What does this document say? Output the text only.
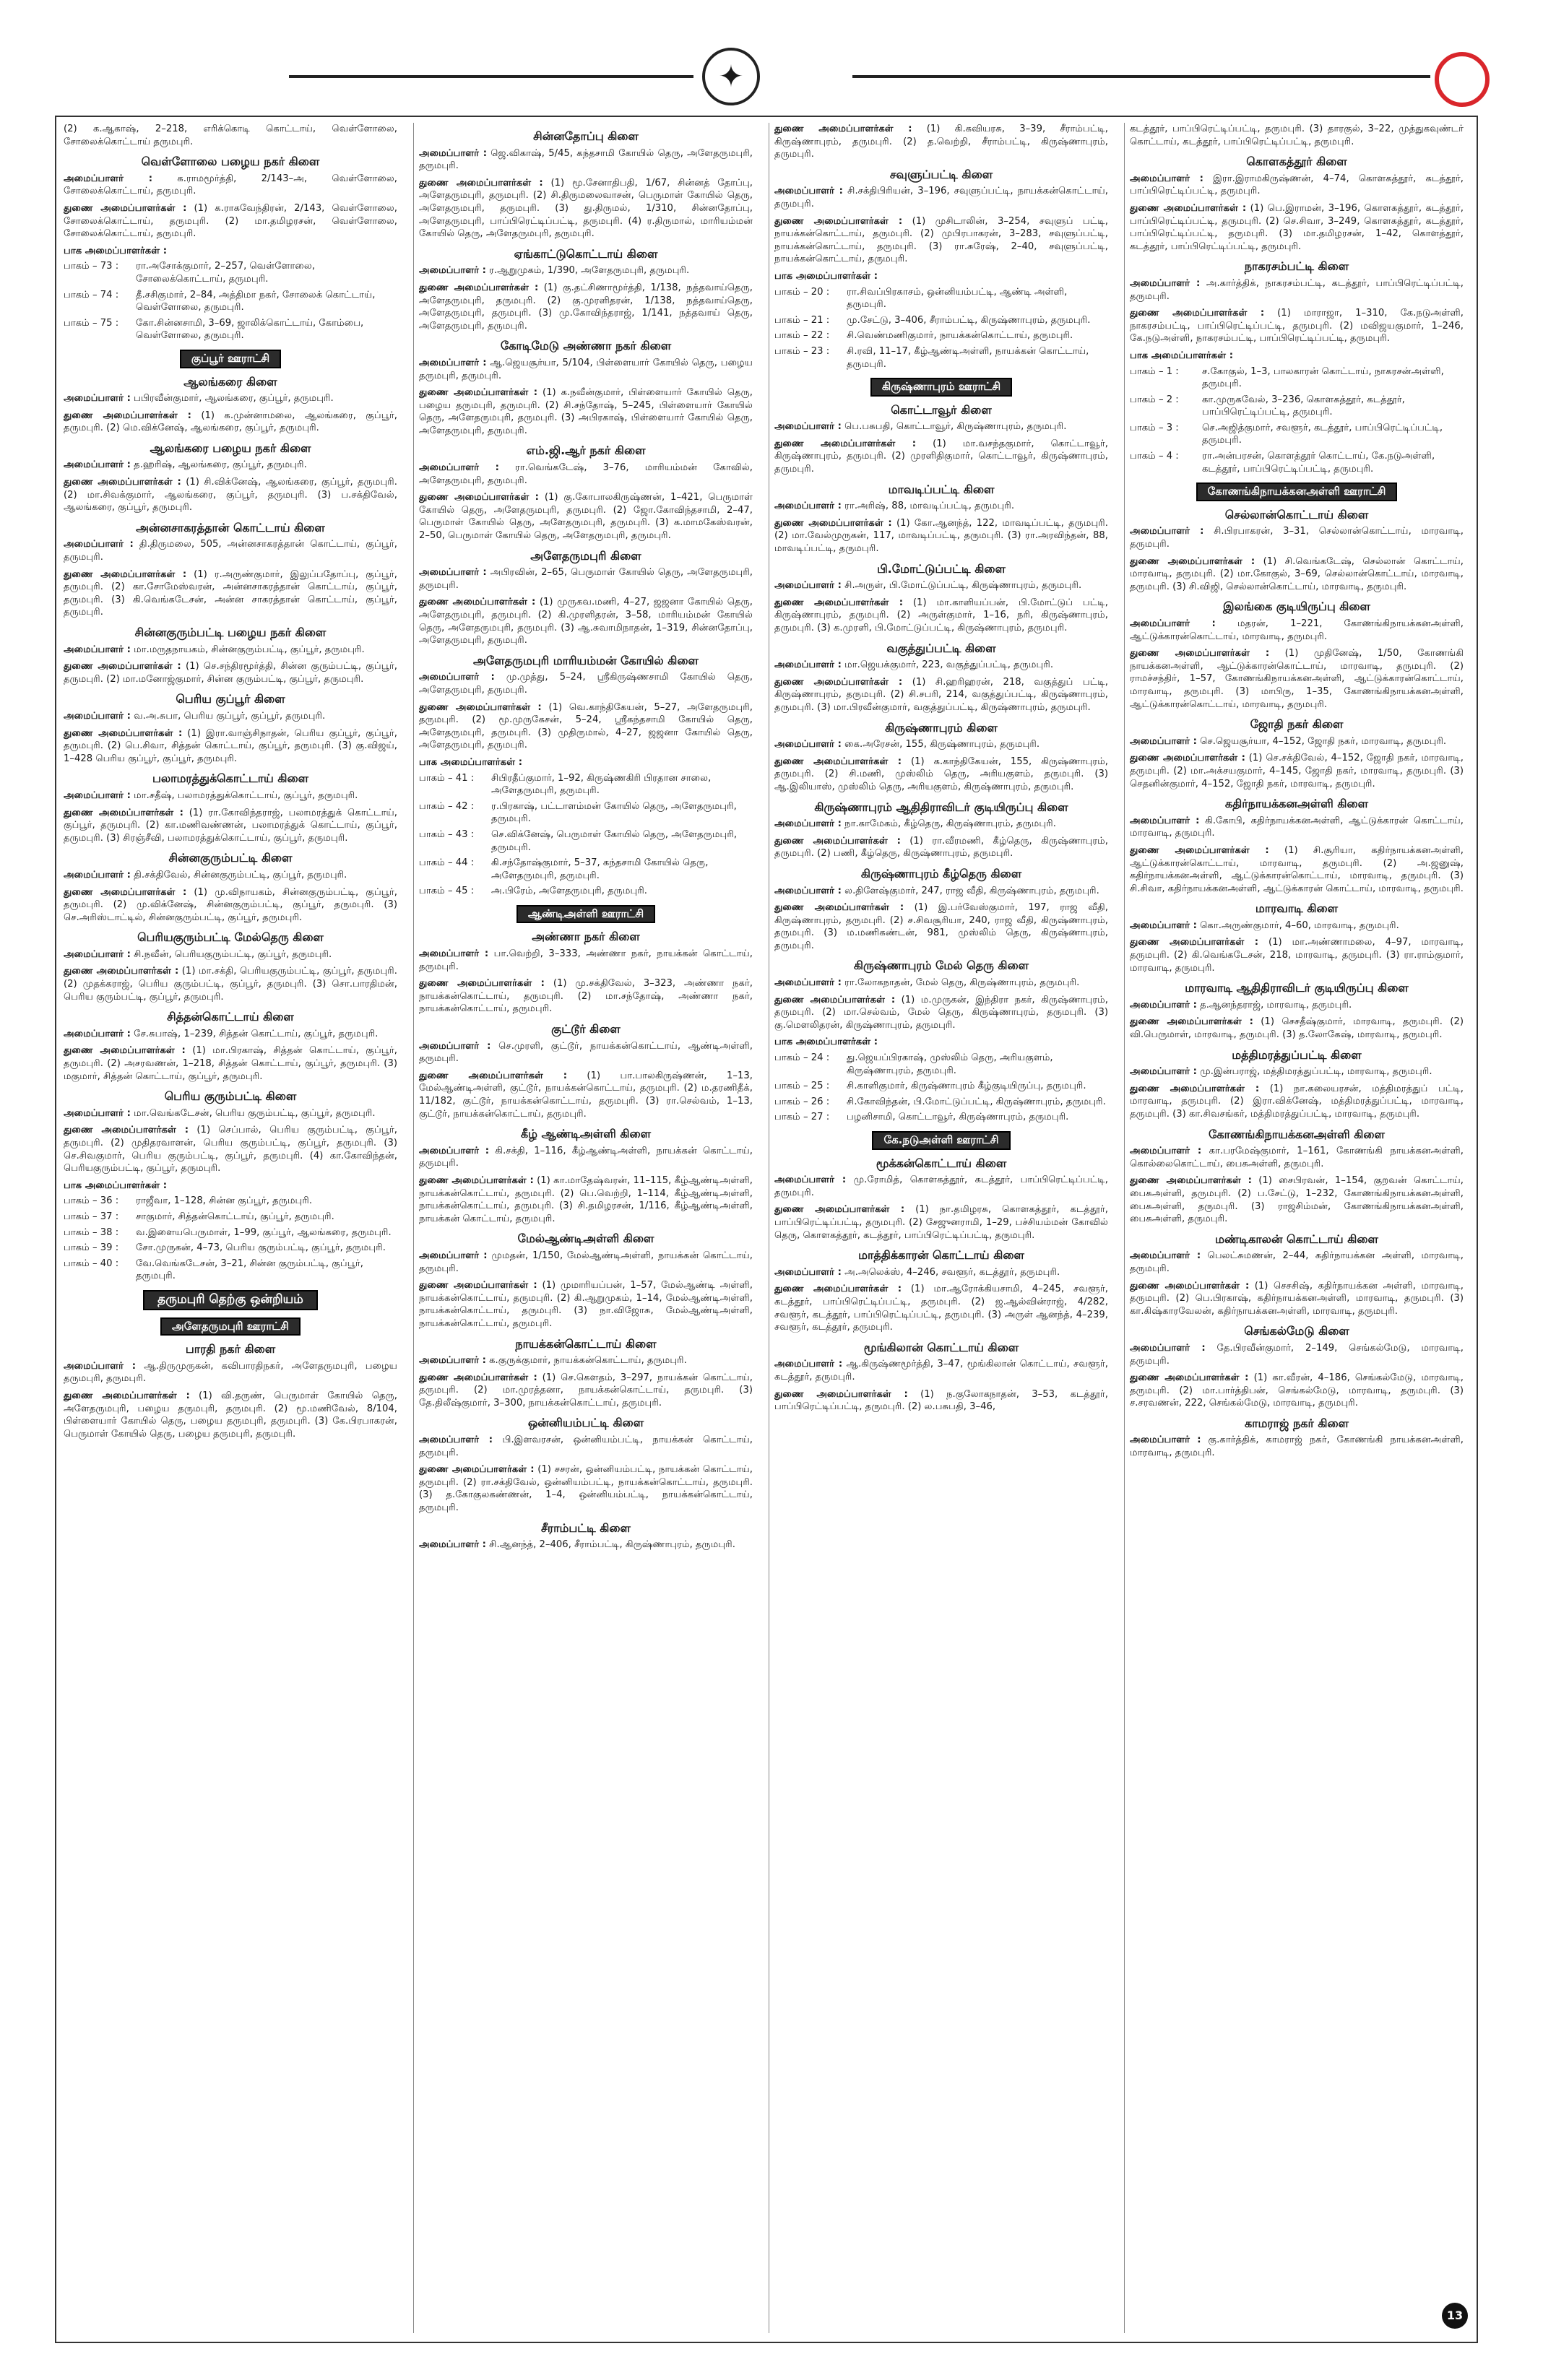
✦

(2) க.ஆகாஷ், 2–218, எரிக்கொடி கொட்டாய், வெள்ளோலை, சோலைக்கொட்டாய் தருமபுரி.

வெள்ளோலை பழைய நகர் கிளை

அமைப்பாளர் :	க.ராமமூர்த்தி, 2/143–அ, வெள்ளோலை, சோலைக்கொட்டாய், தருமபுரி.

துணை அமைப்பாளர்கள் : (1) க.ராகவேந்திரன், 2/143, வெள்ளோலை, சோலைக்கொட்டாய், தருமபுரி. (2) மா.தமிழரசன், வெள்ளோலை, சோலைக்கொட்டாய், தருமபுரி.

பாக அமைப்பாளர்கள் :
பாகம் – 73 :	ரா.அசோக்குமார், 2–257, வெள்ளோலை, சோலைக்கொட்டாய், தருமபுரி.
பாகம் – 74 :	தீ.சசிகுமார், 2–84, அத்திமா நகர், சோலைக் கொட்டாய், வெள்ளோலை, தருமபுரி.
பாகம் – 75 :	கோ.சின்னசாமி, 3–69, ஜாலிக்கொட்டாய், கோம்பை, வெள்ளோலை, தருமபுரி.
குப்பூர் ஊராட்சி
ஆலங்கரை கிளை

அமைப்பாளர் : பபிரவீன்குமார், ஆலங்கரை, குப்பூர், தருமபுரி.

துணை அமைப்பாளர்கள் : (1) க.முன்னாமலை, ஆலங்கரை, குப்பூர், தருமபுரி. (2) மெ.விக்னேஷ், ஆலங்கரை, குப்பூர், தருமபுரி.

ஆலங்கரை பழைய நகர் கிளை

அமைப்பாளர் : த.ஹரிஷ், ஆலங்கரை, குப்பூர், தருமபுரி.

துணை அமைப்பாளர்கள் : (1) சி.விக்னேஷ், ஆலங்கரை, குப்பூர், தருமபுரி. (2) மா.சிவக்குமார், ஆலங்கரை, குப்பூர், தருமபுரி. (3) ப.சக்திவேல், ஆலங்கரை, குப்பூர், தருமபுரி.

அன்னசாகரத்தான் கொட்டாய் கிளை

அமைப்பாளர் : தி.திருமலை, 505, அன்னசாகரத்தான் கொட்டாய், குப்பூர், தருமபுரி.

துணை அமைப்பாளர்கள் : (1) ர.அருண்குமார், இலுப்பதோப்பு, குப்பூர், தருமபுரி. (2) கா.சோமேஸ்வரன், அன்னசாகரத்தான் கொட்டாய், குப்பூர், தருமபுரி. (3) கி.வெங்கடேசன், அன்ன சாகரத்தான் கொட்டாய், குப்பூர், தருமபுரி.

சின்னகுரும்பட்டி பழைய நகர் கிளை

அமைப்பாளர் : மா.மருதநாயகம், சின்னகுரும்பட்டி, குப்பூர், தருமபுரி.

துணை அமைப்பாளர்கள் : (1) செ.சந்திரமூர்த்தி, சின்ன குரும்பட்டி, குப்பூர், தருமபுரி. (2) மா.மனோஜ்குமார், சின்ன குரும்பட்டி, குப்பூர், தருமபுரி.

பெரிய குப்பூர் கிளை

அமைப்பாளர் : வ.அ.சுபா, பெரிய குப்பூர், குப்பூர், தருமபுரி.

துணை அமைப்பாளர்கள் : (1) இரா.வாஞ்சிநாதன், பெரிய குப்பூர், குப்பூர், தருமபுரி. (2) பெ.சிவா, சித்தன் கொட்டாய், குப்பூர், தருமபுரி. (3) கு.விஜய், 1–428 பெரிய குப்பூர், குப்பூர், தருமபுரி.

பலாமரத்துக்கொட்டாய் கிளை

அமைப்பாளர் : மா.சதீஷ், பலாமரத்துக்கொட்டாய், குப்பூர், தருமபுரி.

துணை அமைப்பாளர்கள் : (1) ரா.கோவிந்தராஜ், பலாமரத்துக் கொட்டாய், குப்பூர், தருமபுரி. (2) கா.மணிவண்ணன், பலாமரத்துக் கொட்டாய், குப்பூர், தருமபுரி. (3) சிரஞ்சீவி, பலாமரத்துக்கொட்டாய், குப்பூர், தருமபுரி.

சின்னகுரும்பட்டி கிளை

அமைப்பாளர் : தி.சக்திவேல், சின்னகுரும்பட்டி, குப்பூர், தருமபுரி.

துணை அமைப்பாளர்கள் : (1) மு.விநாயகம், சின்னகுரும்பட்டி, குப்பூர், தருமபுரி. (2) மு.விக்னேஷ், சின்னகுரும்பட்டி, குப்பூர், தருமபுரி. (3) செ.அரிஸ்டாட்டில், சின்னகுரும்பட்டி, குப்பூர், தருமபுரி.

பெரியகுரும்பட்டி மேல்தெரு கிளை

அமைப்பாளர் : சி.நவீன், பெரியகுரும்பட்டி, குப்பூர், தருமபுரி.

துணை அமைப்பாளர்கள் : (1) மா.சக்தி, பெரியகுரும்பட்டி, குப்பூர், தருமபுரி. (2) முதக்கராஜ், பெரிய குரும்பட்டி, குப்பூர், தருமபுரி. (3) சொ.பாரதிமன், பெரிய குரும்பட்டி, குப்பூர், தருமபுரி.

சித்தன்கொட்டாய் கிளை

அமைப்பாளர் : சே.சுபாஷ், 1–239, சித்தன் கொட்டாய், குப்பூர், தருமபுரி.

துணை அமைப்பாளர்கள் : (1) மா.பிரகாஷ், சித்தன் கொட்டாய், குப்பூர், தருமபுரி. (2) அசரவணன், 1–218, சித்தன் கொட்டாய், குப்பூர், தருமபுரி. (3) மகுமார், சித்தன் கொட்டாய், குப்பூர், தருமபுரி.

பெரிய குரும்பட்டி கிளை

அமைப்பாளர் : மா.வெங்கடேசன், பெரிய குரும்பட்டி, குப்பூர், தருமபுரி.

துணை அமைப்பாளர்கள் : (1) செப்பால், பெரிய குரும்பட்டி, குப்பூர், தருமபுரி. (2) முதிதரவாளன், பெரிய குரும்பட்டி, குப்பூர், தருமபுரி. (3) செ.சிவகுமார், பெரிய குரும்பட்டி, குப்பூர், தருமபுரி. (4) கா.கோவிந்தன், பெரியகுரும்பட்டி, குப்பூர், தருமபுரி.

பாக அமைப்பாளர்கள் :
பாகம் – 36 :	ராஜீவா, 1–128, சின்ன குப்பூர், தருமபுரி.
பாகம் – 37 :	சாகுமார், சித்தன்கொட்டாய், குப்பூர், தருமபுரி.
பாகம் – 38 :	வ.இளையபெருமாள், 1–99, குப்பூர், ஆலங்கரை, தருமபுரி.
பாகம் – 39 :	சோ.முருகன், 4–73, பெரிய குரும்பட்டி, குப்பூர், தருமபுரி.
பாகம் – 40 :	வே.வெங்கடேசன், 3–21, சின்ன குரும்பட்டி, குப்பூர், தருமபுரி.
தருமபுரி தெற்கு ஒன்றியம்
அளேதருமபுரி ஊராட்சி
பாரதி நகர் கிளை

அமைப்பாளர் : ஆ.திருமுருகன், கவிபாரதிநகர், அளேதருமபுரி, பழைய தருமபுரி, தருமபுரி.

துணை அமைப்பாளர்கள் : (1) வி.தருண், பெருமாள் கோயில் தெரு, அளேதருமபுரி, பழைய தருமபுரி, தருமபுரி. (2) மூ.மணிவேல், 8/104, பிள்ளையார் கோயில் தெரு, பழைய தருமபுரி, தருமபுரி. (3) கே.பிரபாகரன், பெருமாள் கோயில் தெரு, பழைய தருமபுரி, தருமபுரி.

சின்னதோப்பு கிளை

அமைப்பாளர் : ஜெ.விகாஷ், 5/45, கந்தசாமி கோயில் தெரு, அளேதருமபுரி, தருமபுரி.

துணை அமைப்பாளர்கள் : (1) மூ.சேனாதிபதி, 1/67, சின்னத் தோப்பு, அளேதருமபுரி, தருமபுரி. (2) சி.திருமலைவாசன், பெருமாள் கோயில் தெரு, அளேதருமபுரி, தருமபுரி. (3) து.திருமல், 1/310, சின்னதோப்பு, அளேதருமபுரி, பாப்பிரெட்டிப்பட்டி, தருமபுரி. (4) ர.திருமால், மாரியம்மன் கோயில் தெரு, அளேதருமபுரி, தருமபுரி.

ஏங்காட்டுகொட்டாய் கிளை

அமைப்பாளர் : ர.ஆறுமுகம், 1/390, அளேதருமபுரி, தருமபுரி.

துணை அமைப்பாளர்கள் : (1) கு.தட்சிணாமூர்த்தி, 1/138, நத்தவாய்தெரு, அளேதருமபுரி, தருமபுரி. (2) கு.முரளிதரன், 1/138, நத்தவாய்தெரு, அளேதருமபுரி, தருமபுரி. (3) மு.கோவிந்தராஜ், 1/141, நத்தவாய் தெரு, அளேதருமபுரி, தருமபுரி.

கோடிமேடு அண்ணா நகர் கிளை

அமைப்பாளர் : ஆ.ஜெயசூர்யா, 5/104, பிள்ளையார் கோயில் தெரு, பழைய தருமபுரி, தருமபுரி.

துணை அமைப்பாளர்கள் : (1) க.நவீன்குமார், பிள்ளையார் கோயில் தெரு, பழைய தருமபுரி, தருமபுரி. (2) சி.சந்தோஷ், 5–245, பிள்ளையார் கோயில் தெரு, அளேதருமபுரி, தருமபுரி. (3) அபிரகாஷ், பிள்ளையார் கோயில் தெரு, அளேதருமபுரி, தருமபுரி.

எம்.ஜி.ஆர் நகர் கிளை

அமைப்பாளர் : ரா.வெங்கடேஷ், 3–76, மாரியம்மன் கோவில், அளேதருமபுரி, தருமபுரி.

துணை அமைப்பாளர்கள் : (1) கு.கோபாலகிருஷ்ணன், 1–421, பெருமாள் கோயில் தெரு, அளேதருமபுரி, தருமபுரி. (2) ஜோ.கோவிந்தசாமி, 2–47, பெருமாள் கோயில் தெரு, அளேதருமபுரி, தருமபுரி. (3) க.மாமகேஸ்வரன், 2–50, பெருமாள் கோயில் தெரு, அளேதருமபுரி, தருமபுரி.

அளேதருமபுரி கிளை

அமைப்பாளர் : அபிரவின், 2–65, பெருமாள் கோயில் தெரு, அளேதருமபுரி, தருமபுரி.

துணை அமைப்பாளர்கள் : (1) முருகவ.மணி, 4–27, ஜஜனா கோயில் தெரு, அளேதருமபுரி, தருமபுரி. (2) கி.முரளிதரன், 3–58, மாரியம்மன் கோயில் தெரு, அளேதருமபுரி, தருமபுரி. (3) ஆ.சுவாமிநாதன், 1–319, சின்னதோப்பு, அளேதருமபுரி, தருமபுரி.

அளேதருமபுரி மாரியம்மன் கோயில் கிளை

அமைப்பாளர் : மு.முத்து, 5–24, ஸ்ரீகிருஷ்ணசாமி கோயில் தெரு, அளேதருமபுரி, தருமபுரி.

துணை அமைப்பாளர்கள் : (1) வெ.காந்திகேயன், 5–27, அளேதருமபுரி, தருமபுரி. (2) மூ.முருகேசன், 5–24, ஸ்ரீகந்தசாமி கோயில் தெரு, அளேதருமபுரி, தருமபுரி. (3) முதிருமால், 4–27, ஜஜனா கோயில் தெரு, அளேதருமபுரி, தருமபுரி.

பாக அமைப்பாளர்கள் :
பாகம் – 41 :	சிபிரதீப்குமார், 1–92, கிருஷ்ணகிரி பிரதான சாலை, அளேதருமபுரி, தருமபுரி.
பாகம் – 42 :	ர.பிரகாஷ், பட்டாளம்மன் கோயில் தெரு, அளேதருமபுரி, தருமபுரி.
பாகம் – 43 :	செ.விக்னேஷ், பெருமாள் கோயில் தெரு, அளேதருமபுரி, தருமபுரி.
பாகம் – 44 :	கி.சந்தோஷ்குமார், 5–37, கந்தசாமி கோயில் தெரு, அளேதருமபுரி, தருமபுரி.
பாகம் – 45 :	அ.பிரேம், அளேதருமபுரி, தருமபுரி.
ஆண்டிஅள்ளி ஊராட்சி
அண்ணா நகர் கிளை

அமைப்பாளர் : பா.வெற்றி, 3–333, அண்ணா நகர், நாயக்கன் கொட்டாய், தருமபுரி.

துணை அமைப்பாளர்கள் : (1) மு.சக்திவேல், 3–323, அண்ணா நகர், நாயக்கன்கொட்டாய், தருமபுரி. (2) மா.சந்தோஷ், அண்ணா நகர், நாயக்கன்கொட்டாய், தருமபுரி.

குட்டூர் கிளை

அமைப்பாளர் : செ.முரளி, குட்டூர், நாயக்கன்கொட்டாய், ஆண்டிஅள்ளி, தருமபுரி.

துணை அமைப்பாளர்கள் : (1) பா.பாலகிருஷ்ணன், 1–13, மேல்ஆண்டிஅள்ளி, குட்டூர், நாயக்கன்கொட்டாய், தருமபுரி. (2) ம.தரணிதீக், 11/182, குட்டூர், நாயக்கன்கொட்டாய், தருமபுரி. (3) ரா.செல்வம், 1–13, குட்டூர், நாயக்கன்கொட்டாய், தருமபுரி.

கீழ் ஆண்டிஅள்ளி கிளை

அமைப்பாளர் : கி.சக்தி, 1–116, கீழ்ஆண்டிஅள்ளி, நாயக்கன் கொட்டாய், தருமபுரி.

துணை அமைப்பாளர்கள் : (1) கா.மாதேஷ்வரன், 11–115, கீழ்ஆண்டிஅள்ளி, நாயக்கன்கொட்டாய், தருமபுரி. (2) பெ.வெற்றி, 1–114, கீழ்ஆண்டிஅள்ளி, நாயக்கன்கொட்டாய், தருமபுரி. (3) சி.தமிழரசன், 1/116, கீழ்ஆண்டிஅள்ளி, நாயக்கன் கொட்டாய், தருமபுரி.

மேல்ஆண்டிஅள்ளி கிளை

அமைப்பாளர் : முமதன், 1/150, மேல்ஆண்டிஅள்ளி, நாயக்கன் கொட்டாய், தருமபுரி.

துணை அமைப்பாளர்கள் : (1) முமாரியப்பன், 1–57, மேல்ஆண்டி அள்ளி, நாயக்கன்கொட்டாய், தருமபுரி. (2) கி.ஆறுமுகம், 1–14, மேல்ஆண்டிஅள்ளி, நாயக்கன்கொட்டாய், தருமபுரி. (3) நா.விஜோசு, மேல்ஆண்டிஅள்ளி, நாயக்கன்கொட்டாய், தருமபுரி.

நாயக்கன்கொட்டாய் கிளை

அமைப்பாளர் : க.குருக்குமார், நாயக்கன்கொட்டாய், தருமபுரி.

துணை அமைப்பாளர்கள் : (1) செ.கௌதம், 3–297, நாயக்கன் கொட்டாய், தருமபுரி. (2) மா.முரத்தனா, நாயக்கன்கொட்டாய், தருமபுரி. (3) தே.திலீஷ்குமார், 3–300, நாயக்கன்கொட்டாய், தருமபுரி.

ஒன்னியம்பட்டி கிளை

அமைப்பாளர் : பி.இளவரசன், ஒன்னியம்பட்டி, நாயக்கன் கொட்டாய், தருமபுரி.

துணை அமைப்பாளர்கள் : (1) சசரன், ஒன்னியம்பட்டி, நாயக்கன் கொட்டாய், தருமபுரி. (2) ரா.சக்திவேல், ஒன்னியம்பட்டி, நாயக்கன்கொட்டாய், தருமபுரி. (3) த.கோகுலகண்ணன், 1–4, ஒன்னியம்பட்டி, நாயக்கன்கொட்டாய், தருமபுரி.

சீராம்பட்டி கிளை

அமைப்பாளர் : சி.ஆனந்த், 2–406, சீராம்பட்டி, கிருஷ்ணாபுரம், தருமபுரி.

துணை அமைப்பாளர்கள் : (1) கி.கவியரசு, 3–39, சீராம்பட்டி, கிருஷ்ணாபுரம், தருமபுரி. (2) த.வெற்றி, சீராம்பட்டி, கிருஷ்ணாபுரம், தருமபுரி.

சவுளுப்பட்டி கிளை

அமைப்பாளர் : சி.சக்திபிரியன், 3–196, சவுளுப்பட்டி, நாயக்கன்கொட்டாய், தருமபுரி.

துணை அமைப்பாளர்கள் : (1) முசிடாலின், 3–254, சவுளுப் பட்டி, நாயக்கன்கொட்டாய், தருமபுரி. (2) முபிரபாகரன், 3–283, சவுளுப்பட்டி, நாயக்கன்கொட்டாய், தருமபுரி. (3) ரா.சுரேஷ், 2–40, சவுளுப்பட்டி, நாயக்கன்கொட்டாய், தருமபுரி.

பாக அமைப்பாளர்கள் :
பாகம் – 20 :	ரா.சிவப்பிரகாசம், ஒன்னியம்பட்டி, ஆண்டி அள்ளி, தருமபுரி.
பாகம் – 21 :	மு.சேட்டு, 3–406, சீராம்பட்டி, கிருஷ்ணாபுரம், தருமபுரி.
பாகம் – 22 :	சி.வெண்மணிகுமார், நாயக்கன்கொட்டாய், தருமபுரி.
பாகம் – 23 :	சி.ரவி, 11–17, கீழ்ஆண்டிஅள்ளி, நாயக்கன் கொட்டாய், தருமபுரி.
கிருஷ்ணாபுரம் ஊராட்சி
கொட்டாவூர் கிளை

அமைப்பாளர் : பெ.பசுபதி, கொட்டாவூர், கிருஷ்ணாபுரம், தருமபுரி.

துணை அமைப்பாளர்கள் : (1) மா.வசந்தகுமார், கொட்டாவூர், கிருஷ்ணாபுரம், தருமபுரி. (2) முரளிதிகுமார், கொட்டாவூர், கிருஷ்ணாபுரம், தருமபுரி.

மாவடிப்பட்டி கிளை

அமைப்பாளர் : ரா.அரிஷ், 88, மாவடிப்பட்டி, தருமபுரி.

துணை அமைப்பாளர்கள் : (1) கோ.ஆனந்த், 122, மாவடிப்பட்டி, தருமபுரி. (2) மா.வேல்முருகன், 117, மாவடிப்பட்டி, தருமபுரி. (3) ரா.அரவிந்தன், 88, மாவடிப்பட்டி, தருமபுரி.

பி.மோட்டுப்பட்டி கிளை

அமைப்பாளர் : சி.அருள், பி.மோட்டுப்பட்டி, கிருஷ்ணாபுரம், தருமபுரி.

துணை அமைப்பாளர்கள் : (1) மா.காளியப்பன், பி.மோட்டுப் பட்டி, கிருஷ்ணாபுரம், தருமபுரி. (2) அருள்குமார், 1–16, நரி, கிருஷ்ணாபுரம், தருமபுரி. (3) க.முரளி, பி.மோட்டுப்பட்டி, கிருஷ்ணாபுரம், தருமபுரி.

வகுத்துப்பட்டி கிளை

அமைப்பாளர் : மா.ஜெயக்குமார், 223, வகுத்துப்பட்டி, தருமபுரி.

துணை அமைப்பாளர்கள் : (1) சி.ஹரிஹரன், 218, வகுத்துப் பட்டி, கிருஷ்ணாபுரம், தருமபுரி. (2) சி.சபரி, 214, வகுத்துப்பட்டி, கிருஷ்ணாபுரம், தருமபுரி. (3) மா.பிரவீன்குமார், வகுத்துப்பட்டி, கிருஷ்ணாபுரம், தருமபுரி.

கிருஷ்ணாபுரம் கிளை

அமைப்பாளர் : கை.அரேசன், 155, கிருஷ்ணாபுரம், தருமபுரி.

துணை அமைப்பாளர்கள் : (1) க.காந்திகேயன், 155, கிருஷ்ணாபுரம், தருமபுரி. (2) சி.மணி, முஸ்லிம் தெரு, அரியகுளம், தருமபுரி. (3) ஆ.இலியாஸ், முஸ்லிம் தெரு, அரியகுளம், கிருஷ்ணாபுரம், தருமபுரி.

கிருஷ்ணாபுரம் ஆதிதிராவிடர் குடியிருப்பு கிளை

அமைப்பாளர் : நா.காமேகம், கீழ்தெரு, கிருஷ்ணாபுரம், தருமபுரி.

துணை அமைப்பாளர்கள் : (1) ரா.வீரமணி, கீழ்தெரு, கிருஷ்ணாபுரம், தருமபுரி. (2) பணி, கீழ்தெரு, கிருஷ்ணாபுரம், தருமபுரி.

கிருஷ்ணாபுரம் கீழ்தெரு கிளை

அமைப்பாளர் : ல.திளேஷ்குமார், 247, ராஜ வீதி, கிருஷ்ணாபுரம், தருமபுரி.

துணை அமைப்பாளர்கள் : (1) இ.பர்வேஸ்குமார், 197, ராஜ வீதி, கிருஷ்ணாபுரம், தருமபுரி. (2) ச.சிவசூரியா, 240, ராஜ வீதி, கிருஷ்ணாபுரம், தருமபுரி. (3) ம.மணிகண்டன், 981, முஸ்லிம் தெரு, கிருஷ்ணாபுரம், தருமபுரி.

கிருஷ்ணாபுரம் மேல் தெரு கிளை

அமைப்பாளர் : ரா.லோகநாதன், மேல் தெரு, கிருஷ்ணாபுரம், தருமபுரி.

துணை அமைப்பாளர்கள் : (1) ம.முருகன், இந்திரா நகர், கிருஷ்ணாபுரம், தருமபுரி. (2) மா.செல்வம், மேல் தெரு, கிருஷ்ணாபுரம், தருமபுரி. (3) கு.மௌலிதரன், கிருஷ்ணாபுரம், தருமபுரி.

பாக அமைப்பாளர்கள் :
பாகம் – 24 :	து.ஜெயப்பிரகாஷ், முஸ்லிம் தெரு, அரியகுளம், கிருஷ்ணாபுரம், தருமபுரி.
பாகம் – 25 :	சி.காளிகுமார், கிருஷ்ணாபுரம் கீழ்குடியிருப்பு, தருமபுரி.
பாகம் – 26 :	சி.கோவிந்தன், பி.மோட்டுப்பட்டி, கிருஷ்ணாபுரம், தருமபுரி.
பாகம் – 27 :	பழனிசாமி, கொட்டாவூர், கிருஷ்ணாபுரம், தருமபுரி.
கே.நடுஅள்ளி ஊராட்சி
மூக்கன்கொட்டாய் கிளை

அமைப்பாளர் : மு.ரோமித், கொளகத்தூர், கடத்தூர், பாப்பிரெட்டிப்பட்டி, தருமபுரி.

துணை அமைப்பாளர்கள் : (1) நா.தமிழரசு, கொளகத்தூர், கடத்தூர், பாப்பிரெட்டிப்பட்டி, தருமபுரி. (2) சேஜுனராமி, 1–29, பச்சியம்மன் கோவில் தெரு, கொளகத்தூர், கடத்தூர், பாப்பிரெட்டிப்பட்டி, தருமபுரி.

மாத்திக்காரன் கொட்டாய் கிளை

அமைப்பாளர் : அ.அலெக்ஸ், 4–246, சவளூர், கடத்தூர், தருமபுரி.

துணை அமைப்பாளர்கள் : (1) மா.ஆரோக்கியசாமி, 4–245, சவளூர், கடத்தூர், பாப்பிரெட்டிப்பட்டி, தருமபுரி. (2) ஜ.ஆல்வின்ராஜ், 4/282, சவளூர், கடத்தூர், பாப்பிரெட்டிப்பட்டி, தருமபுரி. (3) அருள் ஆனந்த், 4–239, சவளூர், கடத்தூர், தருமபுரி.

மூங்கிலான் கொட்டாய் கிளை

அமைப்பாளர் : ஆ.கிருஷ்ணமூர்த்தி, 3–47, மூங்கிலான் கொட்டாய், சவளூர், கடத்தூர், தருமபுரி.

துணை அமைப்பாளர்கள் : (1) ந.குலோகநாதன், 3–53, கடத்தூர், பாப்பிரெட்டிப்பட்டி, தருமபுரி. (2) ல.பசுபதி, 3–46,

கடத்தூர், பாப்பிரெட்டிப்பட்டி, தருமபுரி. (3) தாரகுல், 3–22, முத்துகவுண்டர் கொட்டாய், கடத்தூர், பாப்பிரெட்டிப்பட்டி, தருமபுரி.

கொளகத்தூர் கிளை

அமைப்பாளர் : இரா.இராமகிருஷ்ணன், 4–74, கொளகத்தூர், கடத்தூர், பாப்பிரெட்டிப்பட்டி, தருமபுரி.

துணை அமைப்பாளர்கள் : (1) பெ.இராமன், 3–196, கொளகத்தூர், கடத்தூர், பாப்பிரெட்டிப்பட்டி, தருமபுரி. (2) செ.சிவா, 3–249, கொளகத்தூர், கடத்தூர், பாப்பிரெட்டிப்பட்டி, தருமபுரி. (3) மா.தமிழரசன், 1–42, கொளத்தூர், கடத்தூர், பாப்பிரெட்டிப்பட்டி, தருமபுரி.

நாகரசம்பட்டி கிளை

அமைப்பாளர் : அ.கார்த்திக், நாகரசம்பட்டி, கடத்தூர், பாப்பிரெட்டிப்பட்டி, தருமபுரி.

துணை அமைப்பாளர்கள் : (1) மாராஜா, 1–310, கே.நடுஅள்ளி, நாகரசம்பட்டி, பாப்பிரெட்டிப்பட்டி, தருமபுரி. (2) மவிஜயகுமார், 1–246, கே.நடுஅள்ளி, நாகரசம்பட்டி, பாப்பிரெட்டிப்பட்டி, தருமபுரி.

பாக அமைப்பாளர்கள் :
பாகம் – 1 :	ச.கோகுல், 1–3, பாலகாரன் கொட்டாய், நாகரசன்அள்ளி, தருமபுரி.
பாகம் – 2 :	கா.முருகவேல், 3–236, கொளகத்தூர், கடத்தூர், பாப்பிரெட்டிப்பட்டி, தருமபுரி.
பாகம் – 3 :	செ.அஜித்குமார், சவளூர், கடத்தூர், பாப்பிரெட்டிப்பட்டி, தருமபுரி.
பாகம் – 4 :	ரா.அன்பரசன், கொளத்தூர் கொட்டாய், கே.நடுஅள்ளி, கடத்தூர், பாப்பிரெட்டிப்பட்டி, தருமபுரி.
கோணங்கிநாயக்கனஅள்ளி ஊராட்சி
செல்லான்கொட்டாய் கிளை

அமைப்பாளர் : சி.பிரபாகரன், 3–31, செல்லான்கொட்டாய், மாரவாடி, தருமபுரி.

துணை அமைப்பாளர்கள் : (1) சி.வெங்கடேஷ், செல்லான் கொட்டாய், மாரவாடி, தருமபுரி. (2) மா.கோகுல், 3–69, செல்லான்கொட்டாய், மாரவாடி, தருமபுரி. (3) சி.விஜி, செல்லான்கொட்டாய், மாரவாடி, தருமபுரி.

இலங்கை குடியிருப்பு கிளை

அமைப்பாளர் : மதரன், 1–221, கோணங்கிநாயக்கனஅள்ளி, ஆட்டுக்காரன்கொட்டாய், மாரவாடி, தருமபுரி.

துணை அமைப்பாளர்கள் : (1) முதினேஷ், 1/50, கோணங்கி நாயக்கனஅள்ளி, ஆட்டுக்காரன்கொட்டாய், மாரவாடி, தருமபுரி. (2) ராமச்சந்திர், 1–57, கோணங்கிநாயக்கனஅள்ளி, ஆட்டுக்காரன்கொட்டாய், மாரவாடி, தருமபுரி. (3) மாபிரு, 1–35, கோணங்கிநாயக்கனஅள்ளி, ஆட்டுக்காரன்கொட்டாய், மாரவாடி, தருமபுரி.

ஜோதி நகர் கிளை

அமைப்பாளர் : செ.ஜெயசூர்யா, 4–152, ஜோதி நகர், மாரவாடி, தருமபுரி.

துணை அமைப்பாளர்கள் : (1) செ.சக்திவேல், 4–152, ஜோதி நகர், மாரவாடி, தருமபுரி. (2) மா.அக்சயகுமார், 4–145, ஜோதி நகர், மாரவாடி, தருமபுரி. (3) செதனின்குமார், 4–152, ஜோதி நகர், மாரவாடி, தருமபுரி.

கதிர்நாயக்கனஅள்ளி கிளை

அமைப்பாளர் : கி.கோபி, கதிர்நாயக்கனஅள்ளி, ஆட்டுக்காரன் கொட்டாய், மாரவாடி, தருமபுரி.

துணை அமைப்பாளர்கள் : (1) சி.சூரியா, கதிர்நாயக்கனஅள்ளி, ஆட்டுக்காரன்கொட்டாய், மாரவாடி, தருமபுரி. (2) அ.ஜனுஷ், கதிர்நாயக்கனஅள்ளி, ஆட்டுக்காரன்கொட்டாய், மாரவாடி, தருமபுரி. (3) சி.சிவா, கதிர்நாயக்கனஅள்ளி, ஆட்டுக்காரன் கொட்டாய், மாரவாடி, தருமபுரி.

மாரவாடி கிளை

அமைப்பாளர் : கொ.அருண்குமார், 4–60, மாரவாடி, தருமபுரி.

துணை அமைப்பாளர்கள் : (1) மா.அண்ணாமலை, 4–97, மாரவாடி, தருமபுரி. (2) கி.வெங்கடேசன், 218, மாரவாடி, தருமபுரி. (3) ரா.ராம்குமார், மாரவாடி, தருமபுரி.

மாரவாடி ஆதிதிராவிடர் குடியிருப்பு கிளை

அமைப்பாளர் : த.ஆனந்தராஜ், மாரவாடி, தருமபுரி.

துணை அமைப்பாளர்கள் : (1) செசதீஷ்குமார், மாரவாடி, தருமபுரி. (2) வி.பெருமாள், மாரவாடி, தருமபுரி. (3) த.லோகேஷ், மாரவாடி, தருமபுரி.

மத்திமரத்துப்பட்டி கிளை

அமைப்பாளர் : மு.இன்பராஜ், மத்திமரத்துப்பட்டி, மாரவாடி, தருமபுரி.

துணை அமைப்பாளர்கள் : (1) நா.கலையரசன், மத்திமரத்துப் பட்டி, மாரவாடி, தருமபுரி. (2) இரா.விக்னேஷ், மத்திமரத்துப்பட்டி, மாரவாடி, தருமபுரி. (3) கா.சிவசங்கர், மத்திமரத்துப்பட்டி, மாரவாடி, தருமபுரி.

கோணங்கிநாயக்கனஅள்ளி கிளை

அமைப்பாளர் : கா.பரமேஷ்குமார், 1–161, கோணங்கி நாயக்கனஅள்ளி, கொல்லைகொட்டாய், பைசுஅள்ளி, தருமபுரி.

துணை அமைப்பாளர்கள் : (1) சைபிரவன், 1–154, குறவன் கொட்டாய், பைசுஅள்ளி, தருமபுரி. (2) ப.சேட்டு, 1–232, கோணங்கிநாயக்கனஅள்ளி, பைசுஅள்ளி, தருமபுரி. (3) ராஜசிம்மன், கோணங்கிநாயக்கனஅள்ளி, பைசுஅள்ளி, தருமபுரி.

மண்டிகாலன் கொட்டாய் கிளை

அமைப்பாளர் : பெலட்சுமணன், 2–44, கதிர்நாயக்கன அள்ளி, மாரவாடி, தருமபுரி.

துணை அமைப்பாளர்கள் : (1) செசசிஷ், கதிர்நாயக்கன அள்ளி, மாரவாடி, தருமபுரி. (2) பெ.பிரகாஷ், கதிர்நாயக்கனஅள்ளி, மாரவாடி, தருமபுரி. (3) கா.கிஷ்காரவேலன், கதிர்நாயக்கனஅள்ளி, மாரவாடி, தருமபுரி.

செங்கல்மேடு கிளை

அமைப்பாளர் : தே.பிரவீன்குமார், 2–149, செங்கல்மேடு, மாரவாடி, தருமபுரி.

துணை அமைப்பாளர்கள் : (1) கா.வீரன், 4–186, செங்கல்மேடு, மாரவாடி, தருமபுரி. (2) மா.பார்த்திபன், செங்கல்மேடு, மாரவாடி, தருமபுரி. (3) ச.சரவணன், 222, செங்கல்மேடு, மாரவாடி, தருமபுரி.

காமராஜ் நகர் கிளை

அமைப்பாளர் : கு.கார்த்திக், காமராஜ் நகர், கோணங்கி நாயக்கனஅள்ளி, மாரவாடி, தருமபுரி.

13
